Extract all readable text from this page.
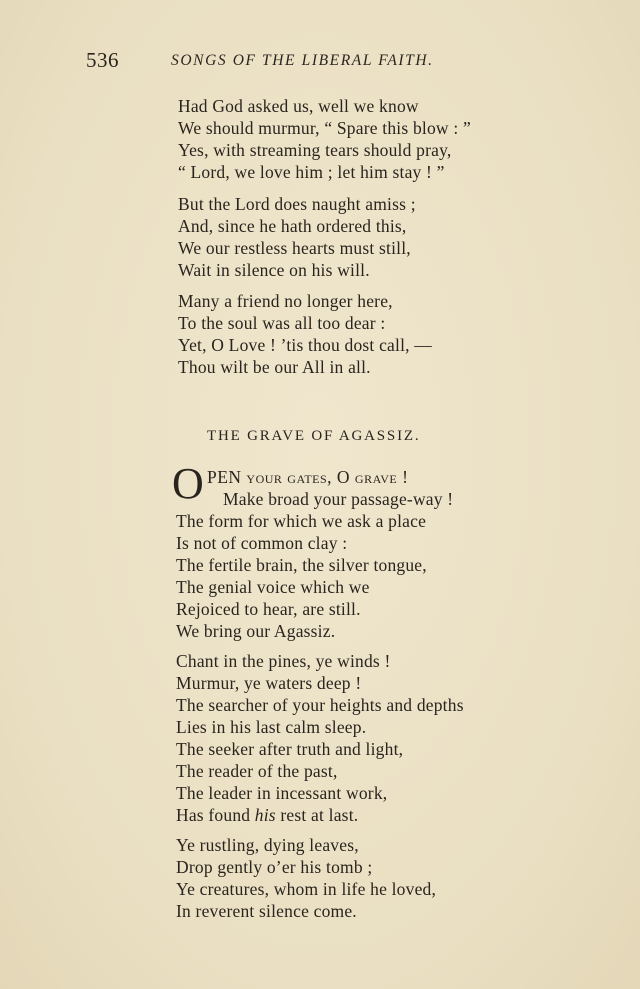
536	SONGS OF THE LIBERAL FAITH.
Had God asked us, well we know
We should murmur, “ Spare this blow : ”
Yes, with streaming tears should pray,
“ Lord, we love him ; let him stay ! ”
But the Lord does naught amiss ;
And, since he hath ordered this,
We our restless hearts must still,
Wait in silence on his will.
Many a friend no longer here,
To the soul was all too dear :
Yet, O Love ! ’tis thou dost call, —
Thou wilt be our All in all.
THE GRAVE OF AGASSIZ.
O PEN your gates, O grave !
Make broad your passage-way !
The form for which we ask a place
Is not of common clay :
The fertile brain, the silver tongue,
The genial voice which we
Rejoiced to hear, are still.
We bring our Agassiz.
Chant in the pines, ye winds !
Murmur, ye waters deep !
The searcher of your heights and depths
Lies in his last calm sleep.
The seeker after truth and light,
The reader of the past,
The leader in incessant work,
Has found his rest at last.
Ye rustling, dying leaves,
Drop gently o’er his tomb ;
Ye creatures, whom in life he loved,
In reverent silence come.
